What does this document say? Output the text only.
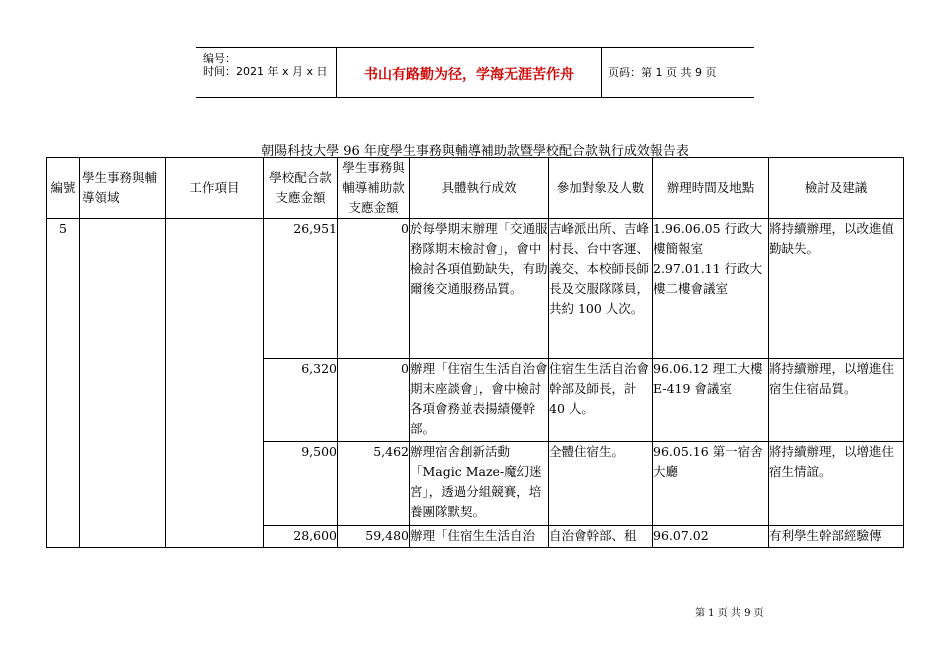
编号：
时间：2021 年 x 月 x 日	书山有路勤为径，学海无涯苦作舟	页码：第 1 页 共 9 页
朝陽科技大學 96 年度學生事務與輔導補助款暨學校配合款執行成效報告表
編號	學生事務與輔導領域	工作項目	學校配合款支應金額	學生事務與輔導補助款支應金額	具體執行成效	參加對象及人數	辦理時間及地點	檢討及建議
5			26,951	0	於每學期末辦理「交通服務隊期末檢討會」，會中檢討各項值勤缺失，有助爾後交通服務品質。	吉峰派出所、吉峰村長、台中客運、義交、本校師長師長及交服隊隊員，共約 100 人次。	1.96.06.05 行政大樓簡報室 2.97.01.11 行政大樓二樓會議室	將持續辦理，以改進值勤缺失。
			6,320	0	辦理「住宿生生活自治會期末座談會」，會中檢討各項會務並表揚績優幹部。	住宿生生活自治會幹部及師長，計 40 人。	96.06.12 理工大樓 E-419 會議室	將持續辦理，以增進住宿生住宿品質。
			9,500	5,462	辦理宿舍創新活動「Magic Maze-魔幻迷宮」，透過分組競賽，培養團隊默契。	全體住宿生。	96.05.16 第一宿舍大廳	將持續辦理，以增進住宿生情誼。
			28,600	59,480	辦理「住宿生生活自治	自治會幹部、租	96.07.02	有利學生幹部經驗傳
第 1 页 共 9 页
